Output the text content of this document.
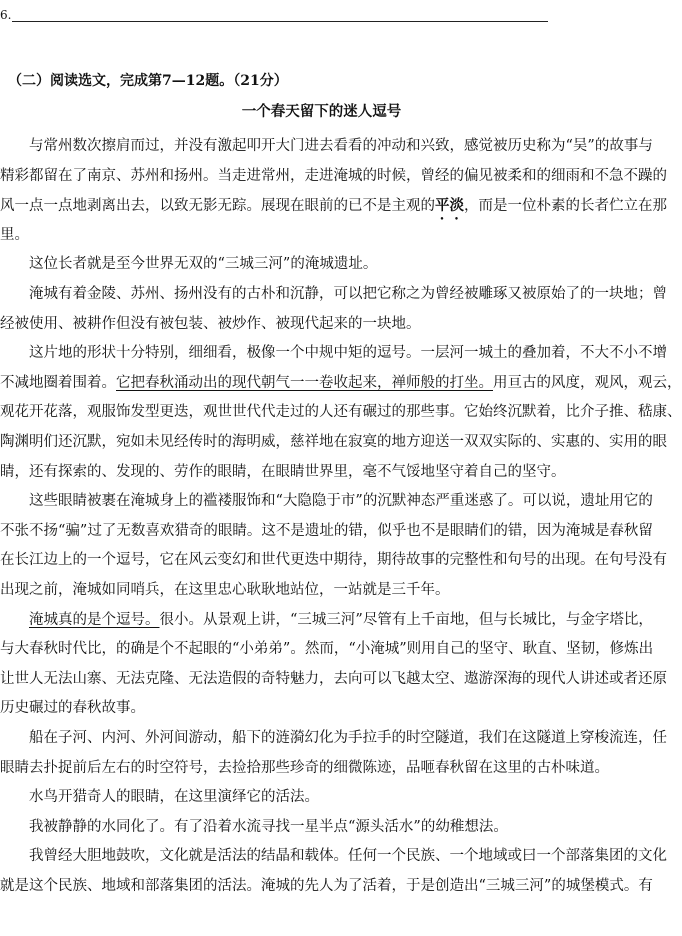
6.
（二）阅读选文，完成第7—12题。（21分）
一个春天留下的迷人逗号
　　与常州数次擦肩而过，并没有激起叩开大门进去看看的冲动和兴致，感觉被历史称为“吴”的故事与
精彩都留在了南京、苏州和扬州。当走进常州，走进淹城的时候，曾经的偏见被柔和的细雨和不急不躁的
风一点一点地剥离出去，以致无影无踪。展现在眼前的已不是主观的平淡，而是一位朴素的长者伫立在那
里。
　　这位长者就是至今世界无双的“三城三河”的淹城遗址。
　　淹城有着金陵、苏州、扬州没有的古朴和沉静，可以把它称之为曾经被雕琢又被原始了的一块地；曾
经被使用、被耕作但没有被包装、被炒作、被现代起来的一块地。
　　这片地的形状十分特别，细细看，极像一个中规中矩的逗号。一层河一城土的叠加着，不大不小不增
不减地圈着围着。它把春秋涌动出的现代朝气一一卷收起来，禅师般的打坐。用亘古的风度，观风，观云，
观花开花落，观服饰发型更迭，观世世代代走过的人还有碾过的那些事。它始终沉默着，比介子推、嵇康、
陶渊明们还沉默，宛如未见经传时的海明威，慈祥地在寂寞的地方迎送一双双实际的、实惠的、实用的眼
睛，还有探索的、发现的、劳作的眼睛，在眼睛世界里，毫不气馁地坚守着自己的坚守。
　　这些眼睛被裹在淹城身上的褴褛服饰和“大隐隐于市”的沉默神态严重迷惑了。可以说，遗址用它的
不张不扬“骗”过了无数喜欢猎奇的眼睛。这不是遗址的错，似乎也不是眼睛们的错，因为淹城是春秋留
在长江边上的一个逗号，它在风云变幻和世代更迭中期待，期待故事的完整性和句号的出现。在句号没有
出现之前，淹城如同哨兵，在这里忠心耿耿地站位，一站就是三千年。
　　淹城真的是个逗号。很小。从景观上讲，“三城三河”尽管有上千亩地，但与长城比，与金字塔比，
与大春秋时代比，的确是个不起眼的“小弟弟”。然而，“小淹城”则用自己的坚守、耿直、坚韧，修炼出
让世人无法山寨、无法克隆、无法造假的奇特魅力，去向可以飞越太空、遨游深海的现代人讲述或者还原
历史碾过的春秋故事。
　　船在子河、内河、外河间游动，船下的涟漪幻化为手拉手的时空隧道，我们在这隧道上穿梭流连，任
眼睛去扑捉前后左右的时空符号，去捡拾那些珍奇的细微陈迹，品咂春秋留在这里的古朴味道。
　　水鸟开猎奇人的眼睛，在这里演绎它的活法。
　　我被静静的水同化了。有了沿着水流寻找一星半点“源头活水”的幼稚想法。
　　我曾经大胆地鼓吹，文化就是活法的结晶和载体。任何一个民族、一个地域或曰一个部落集团的文化
就是这个民族、地域和部落集团的活法。淹城的先人为了活着，于是创造出“三城三河”的城堡模式。有
